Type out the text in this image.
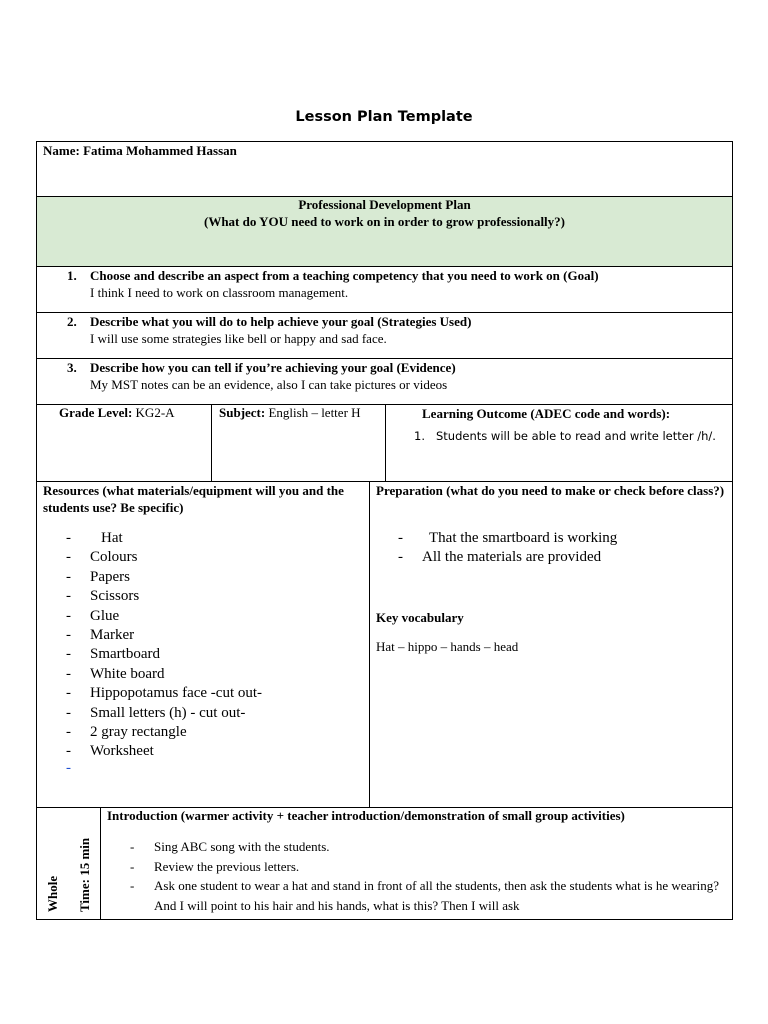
Lesson Plan Template
Name: Fatima Mohammed Hassan
Professional Development Plan
(What do YOU need to work on in order to grow professionally?)
1. Choose and describe an aspect from a teaching competency that you need to work on (Goal)
I think I need to work on classroom management.
2. Describe what you will do to help achieve your goal (Strategies Used)
I will use some strategies like bell or happy and sad face.
3. Describe how you can tell if you’re achieving your goal (Evidence)
My MST notes can be an evidence, also I can take pictures or videos
Grade Level: KG2-A	Subject: English – letter H	Learning Outcome (ADEC code and words):
1. Students will be able to read and write letter /h/.
Resources (what materials/equipment will you and the students use? Be specific)
- Hat
- Colours
- Papers
- Scissors
- Glue
- Marker
- Smartboard
- White board
- Hippopotamus face -cut out-
- Small letters (h) - cut out-
- 2 gray rectangle
- Worksheet
-
Preparation (what do you need to make or check before class?)
- That the smartboard is working
- All the materials are provided
Key vocabulary
Hat – hippo – hands – head
Whole Time: 15 min
Introduction (warmer activity + teacher introduction/demonstration of small group activities)
- Sing ABC song with the students.
- Review the previous letters.
- Ask one student to wear a hat and stand in front of all the students, then ask the students what is he wearing? And I will point to his hair and his hands, what is this? Then I will ask
